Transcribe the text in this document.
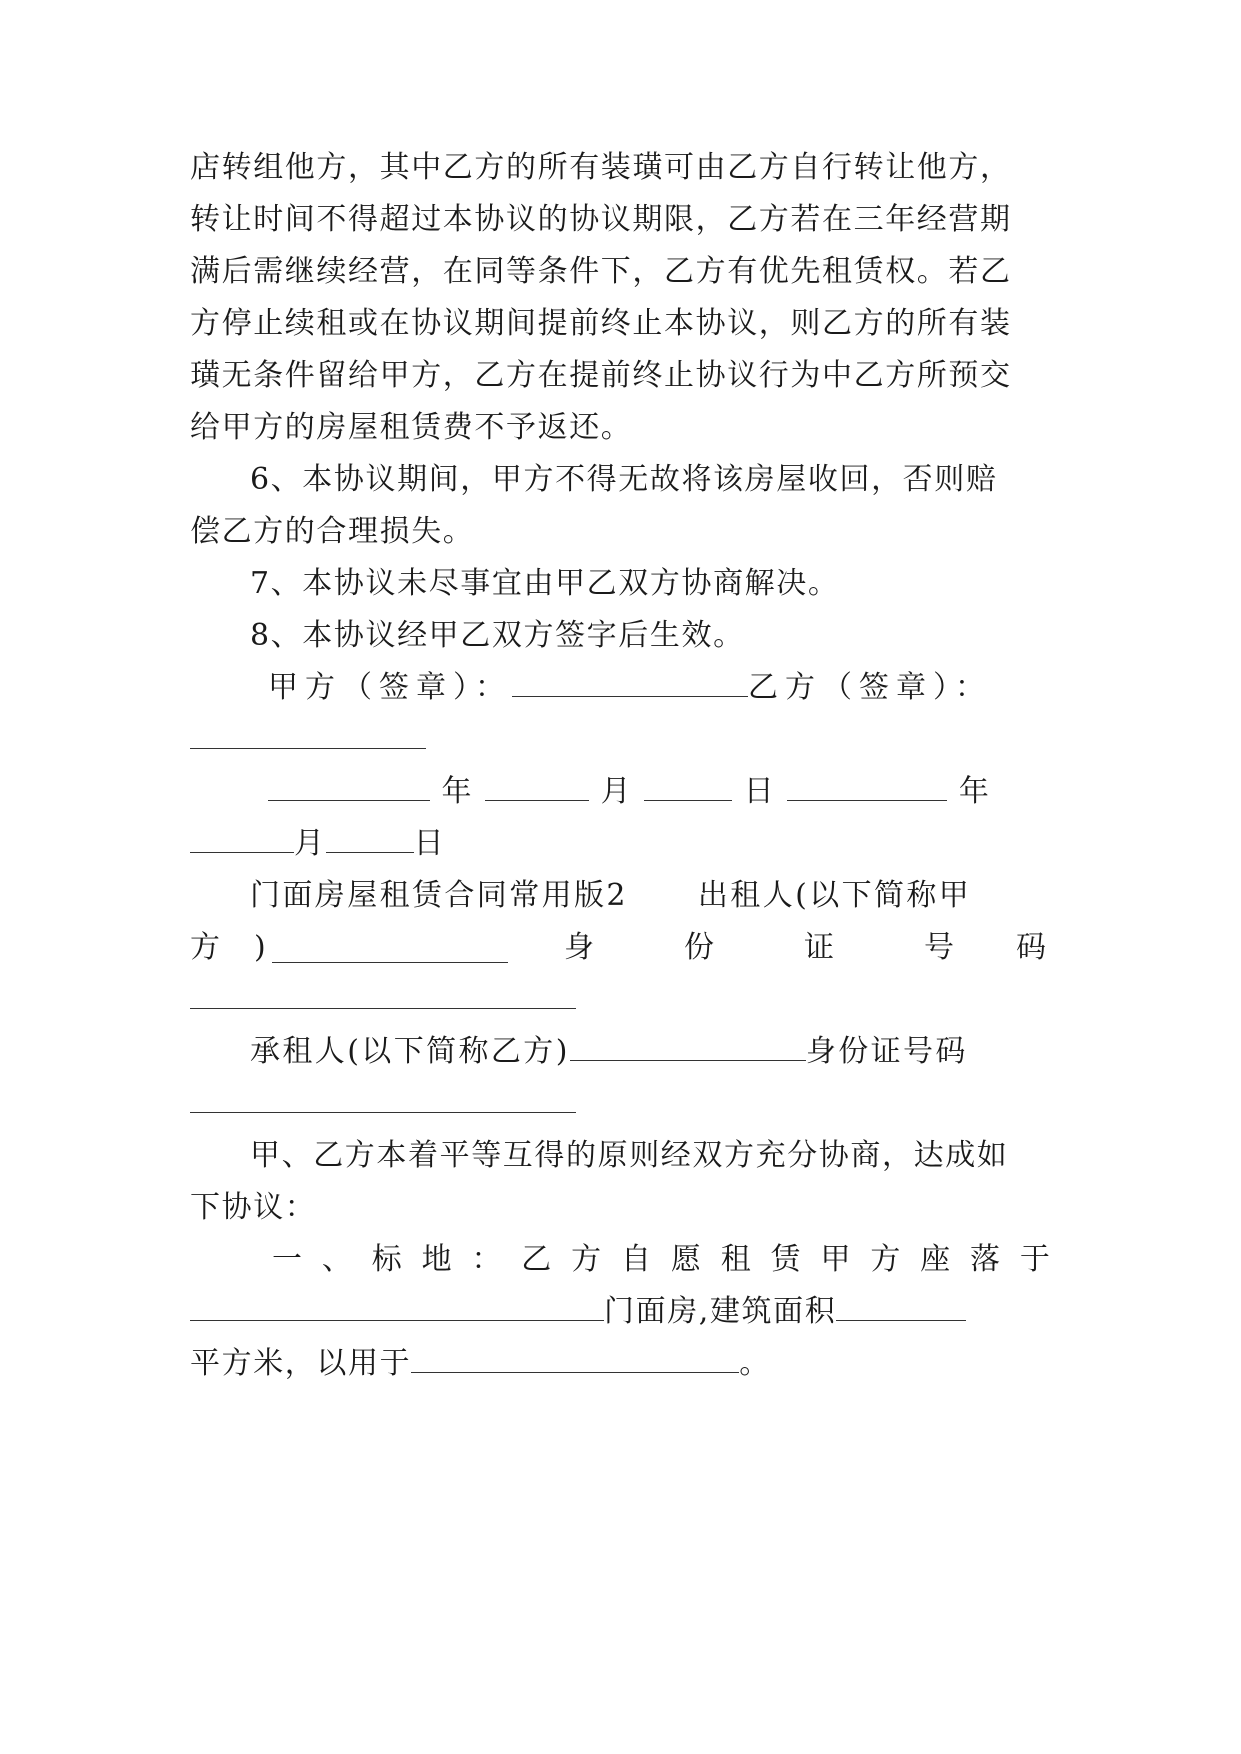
店转组他方，其中乙方的所有装璜可由乙方自行转让他方，
转让时间不得超过本协议的协议期限，乙方若在三年经营期
满后需继续经营，在同等条件下，乙方有优先租赁权。若乙
方停止续租或在协议期间提前终止本协议，则乙方的所有装
璜无条件留给甲方，乙方在提前终止协议行为中乙方所预交
给甲方的房屋租赁费不予返还。
6、本协议期间，甲方不得无故将该房屋收回，否则赔
偿乙方的合理损失。
7、本协议未尽事宜由甲乙双方协商解决。
8、本协议经甲乙双方签字后生效。
甲方（签章）：	乙方（签章）：
年	月	日	年
月	日
门面房屋租赁合同常用版2 出租人(以下简称甲
方 )	身	份	证	号 码
承租人(以下简称乙方)	身份证号码
甲、乙方本着平等互得的原则经双方充分协商，达成如
下协议：
一 、 标 地 ： 乙 方 自 愿 租 赁 甲 方 座 落 于
门面房,建筑面积
平方米，以用于	。
